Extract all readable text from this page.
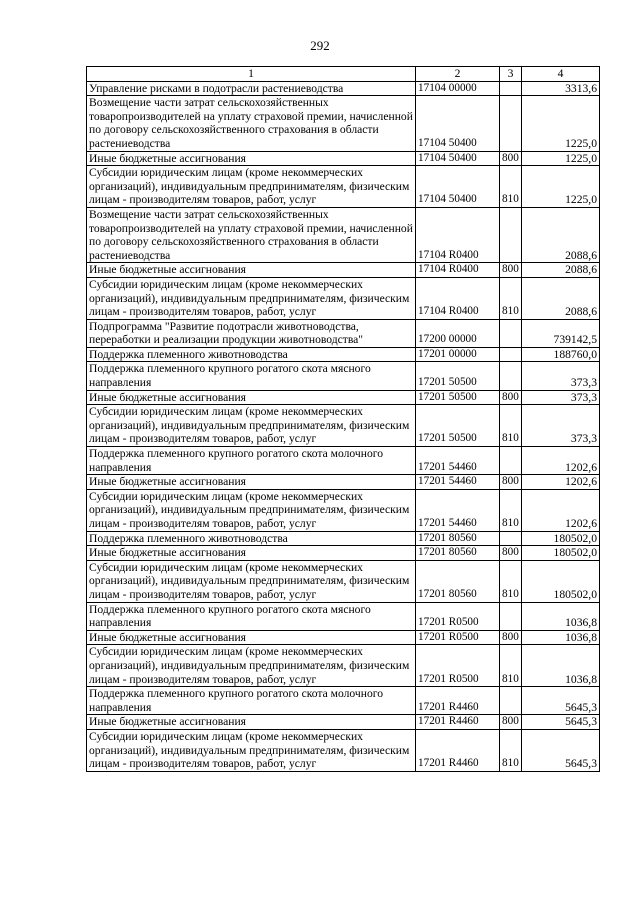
292
1	2	3	4
Управление рисками в подотрасли растениеводства	17104 00000		3313,6
Возмещение части затрат сельскохозяйственных товаропроизводителей на уплату страховой премии, начисленной по договору сельскохозяйственного страхования в области растениеводства	17104 50400		1225,0
Иные бюджетные ассигнования	17104 50400	800	1225,0
Субсидии юридическим лицам (кроме некоммерческих организаций), индивидуальным предпринимателям, физическим лицам - производителям товаров, работ, услуг	17104 50400	810	1225,0
Возмещение части затрат сельскохозяйственных товаропроизводителей на уплату страховой премии, начисленной по договору сельскохозяйственного страхования в области растениеводства	17104 R0400		2088,6
Иные бюджетные ассигнования	17104 R0400	800	2088,6
Субсидии юридическим лицам (кроме некоммерческих организаций), индивидуальным предпринимателям, физическим лицам - производителям товаров, работ, услуг	17104 R0400	810	2088,6
Подпрограмма "Развитие подотрасли животноводства, переработки и реализации продукции животноводства"	17200 00000		739142,5
Поддержка племенного животноводства	17201 00000		188760,0
Поддержка племенного крупного рогатого скота мясного направления	17201 50500		373,3
Иные бюджетные ассигнования	17201 50500	800	373,3
Субсидии юридическим лицам (кроме некоммерческих организаций), индивидуальным предпринимателям, физическим лицам - производителям товаров, работ, услуг	17201 50500	810	373,3
Поддержка племенного крупного рогатого скота молочного направления	17201 54460		1202,6
Иные бюджетные ассигнования	17201 54460	800	1202,6
Субсидии юридическим лицам (кроме некоммерческих организаций), индивидуальным предпринимателям, физическим лицам - производителям товаров, работ, услуг	17201 54460	810	1202,6
Поддержка племенного животноводства	17201 80560		180502,0
Иные бюджетные ассигнования	17201 80560	800	180502,0
Субсидии юридическим лицам (кроме некоммерческих организаций), индивидуальным предпринимателям, физическим лицам - производителям товаров, работ, услуг	17201 80560	810	180502,0
Поддержка племенного крупного рогатого скота мясного направления	17201 R0500		1036,8
Иные бюджетные ассигнования	17201 R0500	800	1036,8
Субсидии юридическим лицам (кроме некоммерческих организаций), индивидуальным предпринимателям, физическим лицам - производителям товаров, работ, услуг	17201 R0500	810	1036,8
Поддержка племенного крупного рогатого скота молочного направления	17201 R4460		5645,3
Иные бюджетные ассигнования	17201 R4460	800	5645,3
Субсидии юридическим лицам (кроме некоммерческих организаций), индивидуальным предпринимателям, физическим лицам - производителям товаров, работ, услуг	17201 R4460	810	5645,3
